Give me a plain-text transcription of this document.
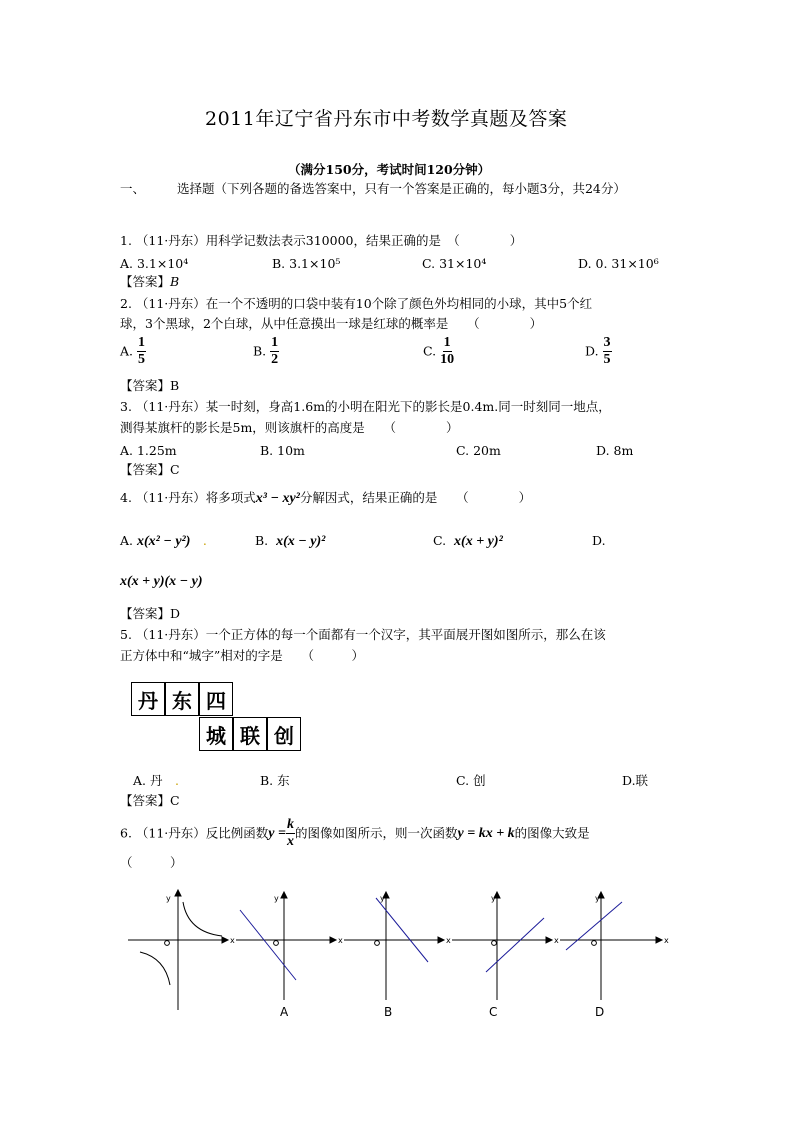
2011年辽宁省丹东市中考数学真题及答案
（满分150分，考试时间120分钟）
一、	选择题（下列各题的备选答案中，只有一个答案是正确的，每小题3分，共24分）
1. （11·丹东）用科学记数法表示310000，结果正确的是　（　　　　）
A. 3.1×10⁴	B. 3.1×10⁵	C. 31×10⁴	D. 0. 31×10⁶
【答案】B
2. （11·丹东）在一个不透明的口袋中装有10个除了颜色外均相同的小球，其中5个红
球，3个黑球，2个白球，从中任意摸出一球是红球的概率是　　（　　　　）
A. $\frac{1}{5}$	B. $\frac{1}{2}$	C. $\frac{1}{10}$	D. $\frac{3}{5}$
【答案】B
3. （11·丹东）某一时刻，身高1.6m的小明在阳光下的影长是0.4m.同一时刻同一地点，
测得某旗杆的影长是5m，则该旗杆的高度是　　（　　　　）
A. 1.25m	B. 10m	C. 20m	D. 8m
【答案】C
4. （11·丹东）将多项式x³ − xy²分解因式，结果正确的是　　（　　　　）
A. x(x² − y²)　.	B. x(x − y)²	C. x(x + y)²	D.
x(x + y)(x − y)
【答案】D
5. （11·丹东）一个正方体的每一个面都有一个汉字，其平面展开图如图所示，那么在该
正方体中和“城字”相对的字是　　（　　　）
丹 东 四
城 联 创
A. 丹　.	B. 东	C. 创	D.联
【答案】C
6. （11·丹东）反比例函数$y = \frac{k}{x}$ 的图像如图所示，则一次函数y = kx + k的图像大致是
（　　　）
y
x
y
x
y
x
y
x
y
x
A	B	C	D
